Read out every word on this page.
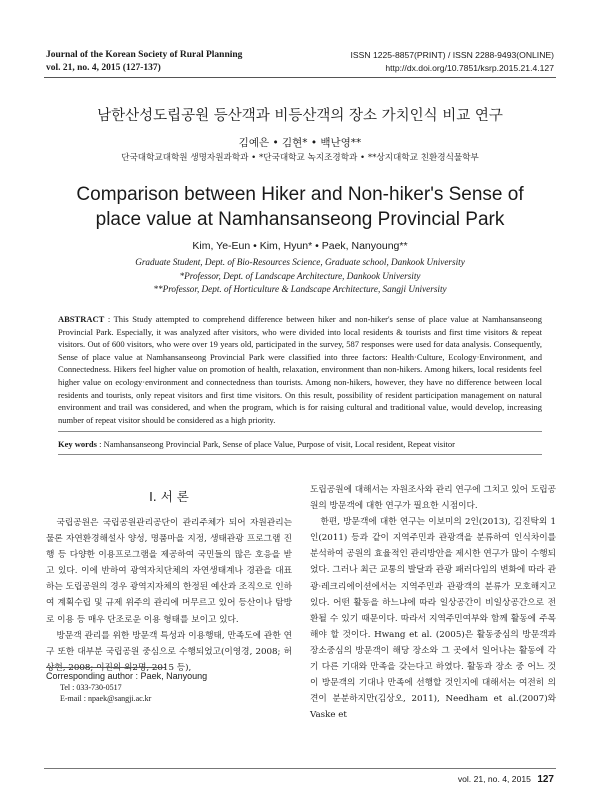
Journal of the Korean Society of Rural Planning
vol. 21, no. 4, 2015 (127-137)
ISSN 1225-8857(PRINT) / ISSN 2288-9493(ONLINE)
http://dx.doi.org/10.7851/ksrp.2015.21.4.127
남한산성도립공원 등산객과 비등산객의 장소 가치인식 비교 연구
김예은 • 김현* • 백난영**
단국대학교대학원 생명자원과학과 • *단국대학교 녹지조경학과 • **상지대학교 친환경식물학부
Comparison between Hiker and Non-hiker's Sense of place value at Namhansanseong Provincial Park
Kim, Ye-Eun • Kim, Hyun* • Paek, Nanyoung**
Graduate Student, Dept. of Bio-Resources Science, Graduate school, Dankook University
*Professor, Dept. of Landscape Architecture, Dankook University
**Professor, Dept. of Horticulture & Landscape Architecture, Sangji University
ABSTRACT : This Study attempted to comprehend difference between hiker and non-hiker's sense of place value at Namhansanseong Provincial Park. Especially, it was analyzed after visitors, who were divided into local residents & tourists and first time visitors & repeat visitors. Out of 600 visitors, who were over 19 years old, participated in the survey, 587 responses were used for data analysis. Consequently, Sense of place value at Namhansanseong Provincial Park were classified into three factors: Health·Culture, Ecology·Environment, and Connectedness. Hikers feel higher value on promotion of health, relaxation, environment than non-hikers. Among hikers, local residents feel higher value on ecology·environment and connectedness than tourists. Among non-hikers, however, they have no difference between local residents and tourists, only repeat visitors and first time visitors. On this result, possibility of resident participation management on natural environment and trail was considered, and when the program, which is for raising cultural and traditional value, would develop, increasing number of repeat visitor should be considered as a high priority.
Key words : Namhansanseong Provincial Park, Sense of place Value, Purpose of visit, Local resident, Repeat visitor
Ⅰ. 서 론

국립공원은 국립공원관리공단이 관리주체가 되어 자원관리는 물론 자연환경해설사 양성, 명품마을 지정, 생태관광 프로그램 진행 등 다양한 이용프로그램을 제공하여 국민들의 많은 호응을 받고 있다. 이에 반하여 광역자치단체의 자연생태계나 경관을 대표하는 도립공원의 경우 광역지자체의 한정된 예산과 조직으로 인하여 계획수립 및 규제 위주의 관리에 머무르고 있어 등산이나 탐방로 이용 등 매우 단조로운 이용 형태를 보이고 있다.

방문객 관리를 위한 방문객 특성과 이용행태, 만족도에 관한 연구 또한 대부분 국립공원 중심으로 수행되었고(이영경, 2008; 허상현, 2008; 이진의 외2명, 2015 등),

도립공원에 대해서는 자원조사와 관리 연구에 그치고 있어 도립공원의 방문객에 대한 연구가 필요한 시점이다.

한편, 방문객에 대한 연구는 이보미의 2인(2013), 김진탁외 1인(2011) 등과 같이 지역주민과 관광객을 분류하여 인식차이를 분석하여 공원의 효율적인 관리방안을 제시한 연구가 많이 수행되었다. 그러나 최근 교통의 발달과 관광 패러다임의 변화에 따라 관광·레크리에이션에서는 지역주민과 관광객의 분류가 모호해지고 있다. 어떤 활동을 하느냐에 따라 일상공간이 비일상공간으로 전환될 수 있기 때문이다. 따라서 지역주민여부와 함께 활동에 주목해야 할 것이다. Hwang et al. (2005)은 활동중심의 방문객과 장소중심의 방문객이 해당 장소와 그 곳에서 일어나는 활동에 각기 다른 기대와 만족을 갖는다고 하였다. 활동과 장소 중 어느 것이 방문객의 기대나 만족에 선행할 것인지에 대해서는 여전히 의견이 분분하지만(김상오, 2011), Needham et al.(2007)와 Vaske et

Corresponding author : Paek, Nanyoung
Tel : 033-730-0517
E-mail : npaek@sangji.ac.kr
vol. 21, no. 4, 2015 127
